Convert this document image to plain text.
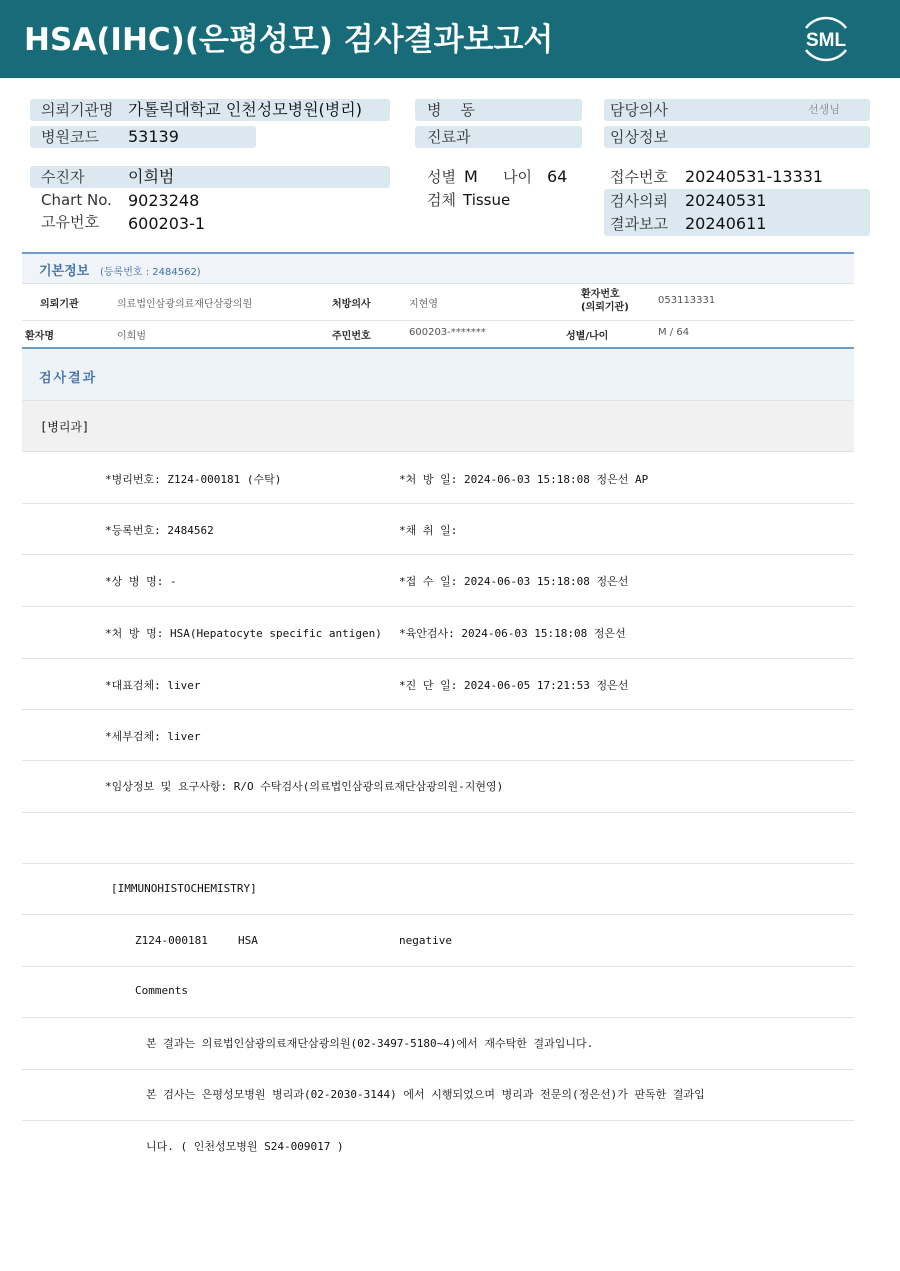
HSA(IHC)(은평성모) 검사결과보고서	SML
의뢰기관명 가톨릭대학교 인천성모병원(병리)
병원코드 53139
병    동
진료과
담당의사	선생님
임상정보
수진자	이희범
Chart No. 9023248
고유번호 600203-1
성별 M 나이 64
검체 Tissue
접수번호 20240531-13331
검사의뢰 20240531
결과보고 20240611
기본정보 (등록번호 : 2484562)
의뢰기관	의료법인삼광의료재단삼광의원	처방의사	지현영
환자번호
(의뢰기관)
053113331
환자명	이희범	주민번호	600203-*******	성별/나이	M / 64
검사결과
[병리과]
*병리번호: Z124-000181 (수탁)	*처 방 일: 2024-06-03 15:18:08 정은선 AP
*등록번호: 2484562	*채 취 일:
*상 병 명: -	*접 수 일: 2024-06-03 15:18:08 정은선
*처 방 명: HSA(Hepatocyte specific antigen) *육안검사: 2024-06-03 15:18:08 정은선
*대표검체: liver	*진 단 일: 2024-06-05 17:21:53 정은선
*세부검체: liver
*임상정보 및 요구사항: R/O 수탁검사(의료법인삼광의료재단삼광의원-지현영)
[IMMUNOHISTOCHEMISTRY]
Z124-000181	HSA	negative
Comments
본 결과는 의료법인삼광의료재단삼광의원(02-3497-5180~4)에서 재수탁한 결과입니다.
본 검사는 은평성모병원 병리과(02-2030-3144) 에서 시행되었으며 병리과 전문의(정은선)가 판독한 결과입
니다. ( 인천성모병원 S24-009017 )
